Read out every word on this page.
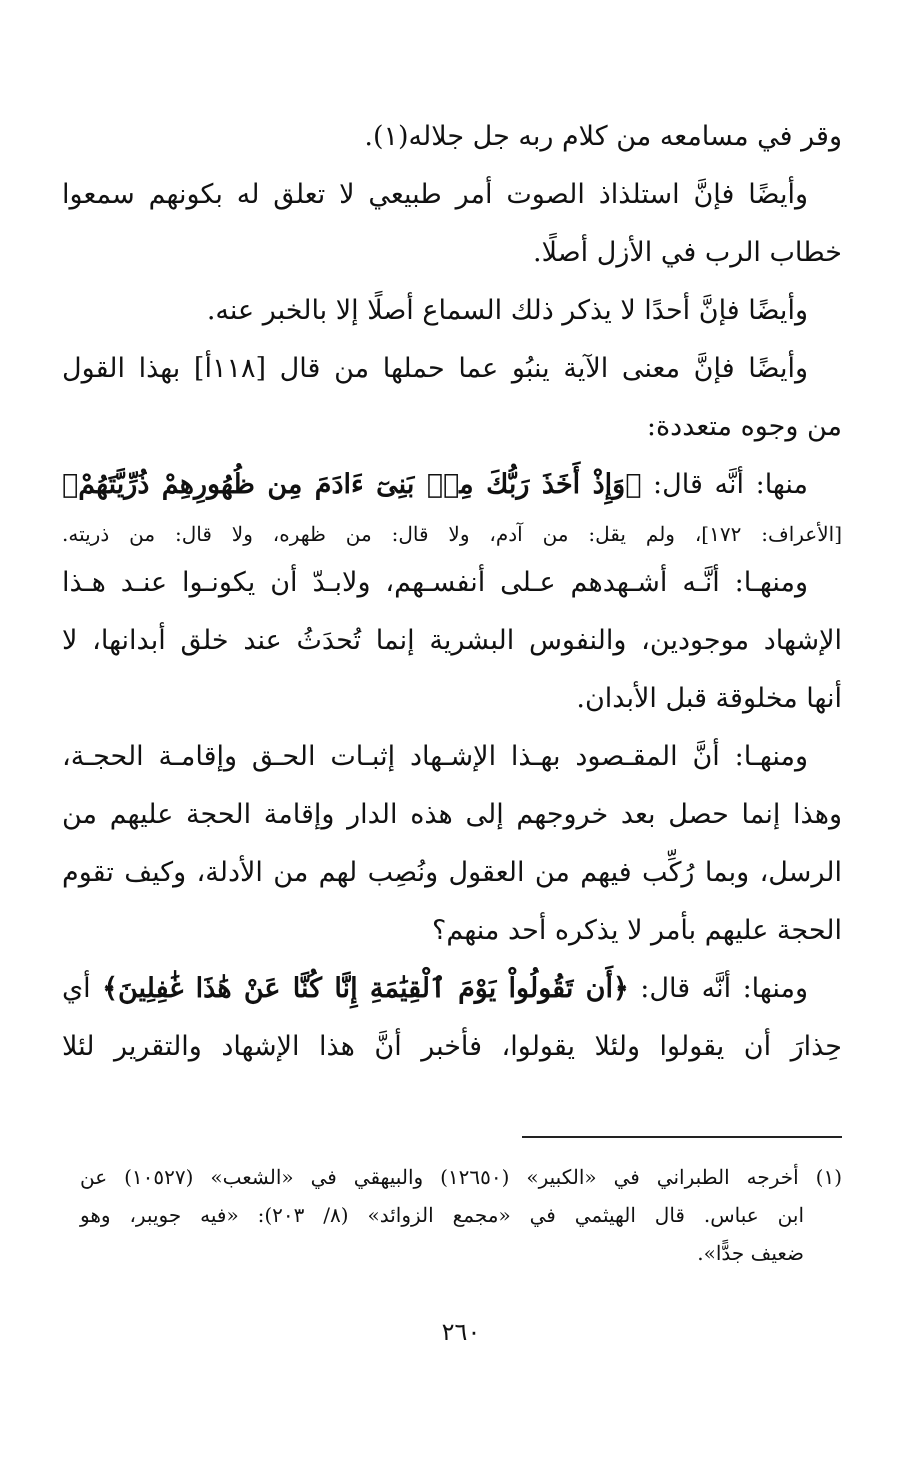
وقر في مسامعه من كلام ربه جل جلاله(١).
وأيضًا فإنَّ استلذاذ الصوت أمر طبيعي لا تعلق له بكونهم سمعوا
خطاب الرب في الأزل أصلًا.
وأيضًا فإنَّ أحدًا لا يذكر ذلك السماع أصلًا إلا بالخبر عنه.
وأيضًا فإنَّ معنى الآية ينبُو عما حملها من قال [١١٨أ] بهذا القول
من وجوه متعددة:
منها: أنَّه قال: ﴿وَإِذْ أَخَذَ رَبُّكَ مِنۢ بَنِىٓ ءَادَمَ مِن ظُهُورِهِمْ ذُرِّيَّتَهُمْ﴾
[الأعراف: ١٧٢]، ولم يقل: من آدم، ولا قال: من ظهره، ولا قال: من ذريته.
ومنهـا: أنَّـه أشـهدهم عـلى أنفسـهم، ولابـدّ أن يكونـوا عنـد هـذا
الإشهاد موجودين، والنفوس البشرية إنما تُحدَثُ عند خلق أبدانها، لا
أنها مخلوقة قبل الأبدان.
ومنهـا: أنَّ المقـصود بهـذا الإشـهاد إثبـات الحـق وإقامـة الحجـة،
وهذا إنما حصل بعد خروجهم إلى هذه الدار وإقامة الحجة عليهم من
الرسل، وبما رُكِّب فيهم من العقول ونُصِب لهم من الأدلة، وكيف تقوم
الحجة عليهم بأمر لا يذكره أحد منهم؟
ومنها: أنَّه قال: ﴿أَن تَقُولُواْ يَوْمَ ٱلْقِيَٰمَةِ إِنَّا كُنَّا عَنْ هَٰذَا غَٰفِلِينَ﴾ أي
حِذارَ أن يقولوا ولئلا يقولوا، فأخبر أنَّ هذا الإشهاد والتقرير لئلا
(١) أخرجه الطبراني في «الكبير» (١٢٦٥٠) والبيهقي في «الشعب» (١٠٥٢٧) عن
ابن عباس. قال الهيثمي في «مجمع الزوائد» (٨/ ٢٠٣): «فيه جويبر، وهو
ضعيف جدًّا».
٢٦٠
